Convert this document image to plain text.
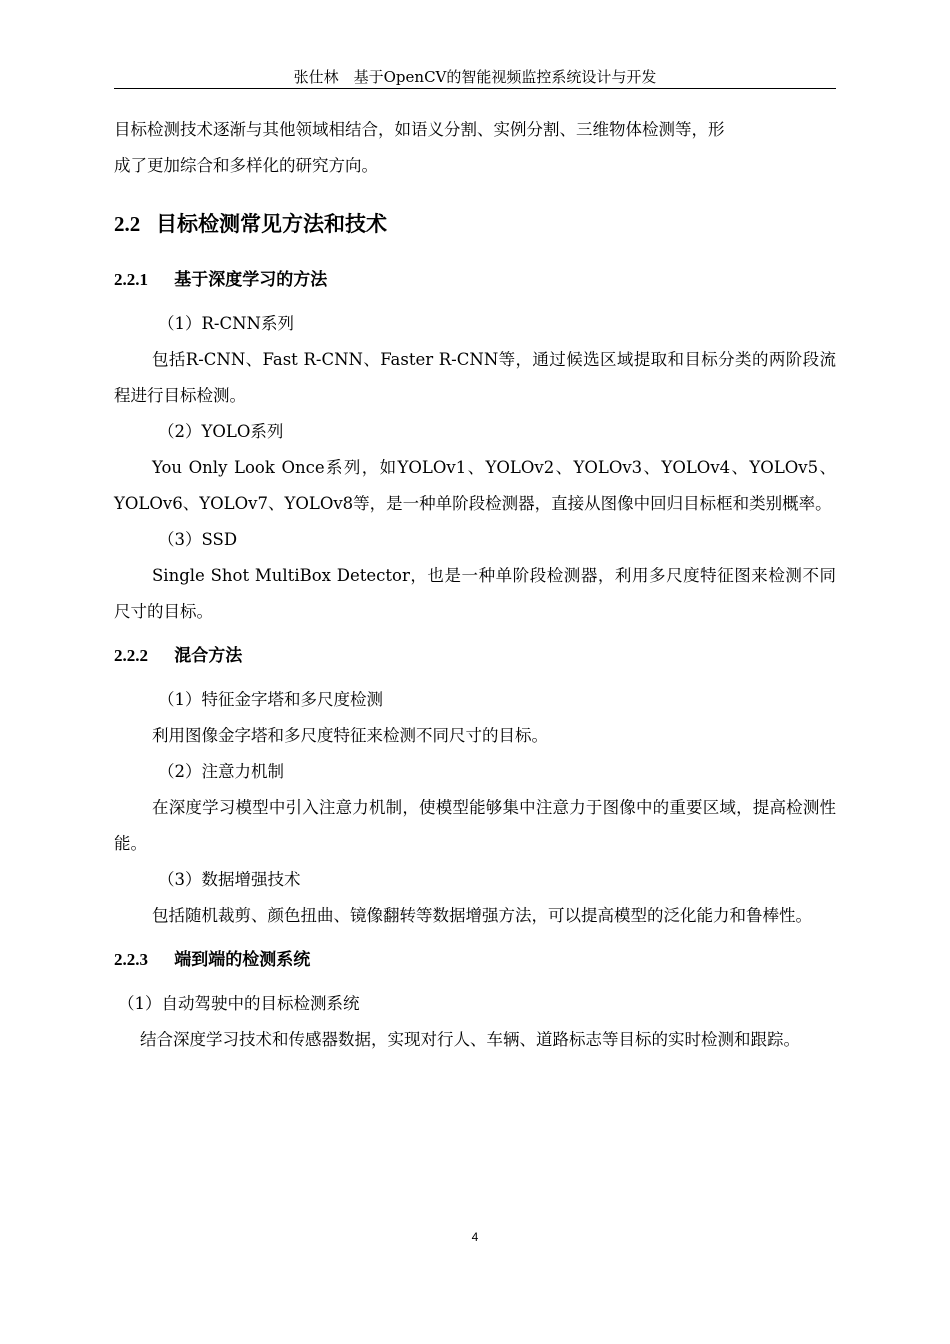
张仕林　基于OpenCV的智能视频监控系统设计与开发

目标检测技术逐渐与其他领域相结合，如语义分割、实例分割、三维物体检测等，形

成了更加综合和多样化的研究方向。

2.2 目标检测常见方法和技术
2.2.1 基于深度学习的方法

（1）R-CNN系列

包括R-CNN、Fast R-CNN、Faster R-CNN等，通过候选区域提取和目标分类的两阶段流程进行目标检测。

（2）YOLO系列

You Only Look Once系列，如YOLOv1、YOLOv2、YOLOv3、YOLOv4、YOLOv5、YOLOv6、YOLOv7、YOLOv8等，是一种单阶段检测器，直接从图像中回归目标框和类别概率。

（3）SSD

Single Shot MultiBox Detector，也是一种单阶段检测器，利用多尺度特征图来检测不同尺寸的目标。

2.2.2 混合方法

（1）特征金字塔和多尺度检测

利用图像金字塔和多尺度特征来检测不同尺寸的目标。

（2）注意力机制

在深度学习模型中引入注意力机制，使模型能够集中注意力于图像中的重要区域，提高检测性能。

（3）数据增强技术

包括随机裁剪、颜色扭曲、镜像翻转等数据增强方法，可以提高模型的泛化能力和鲁棒性。

2.2.3 端到端的检测系统

（1）自动驾驶中的目标检测系统

结合深度学习技术和传感器数据，实现对行人、车辆、道路标志等目标的实时检测和跟踪。

4
